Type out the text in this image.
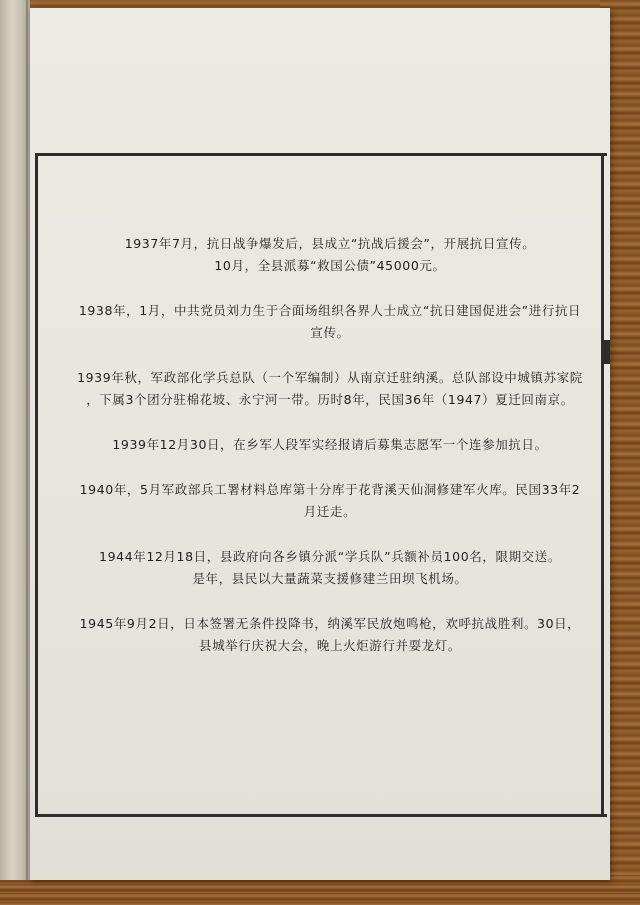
1937年7月，抗日战争爆发后，县成立“抗战后援会”，开展抗日宣传。

10月，全县派募“救国公债”45000元。

1938年，1月，中共党员刘力生于合面场组织各界人士成立“抗日建国促进会”进行抗日

宣传。

1939年秋，军政部化学兵总队（一个军编制）从南京迁驻纳溪。总队部设中城镇苏家院

，下属3个团分驻棉花坡、永宁河一带。历时8年，民国36年（1947）夏迁回南京。

1939年12月30日，在乡军人段军实经报请后募集志愿军一个连参加抗日。

1940年，5月军政部兵工署材料总库第十分库于花背溪天仙洞修建军火库。民国33年2

月迁走。

1944年12月18日，县政府向各乡镇分派“学兵队”兵额补员100名，限期交送。

是年，县民以大量蔬菜支援修建兰田坝飞机场。

1945年9月2日，日本签署无条件投降书，纳溪军民放炮鸣枪，欢呼抗战胜利。30日，

县城举行庆祝大会，晚上火炬游行并耍龙灯。
